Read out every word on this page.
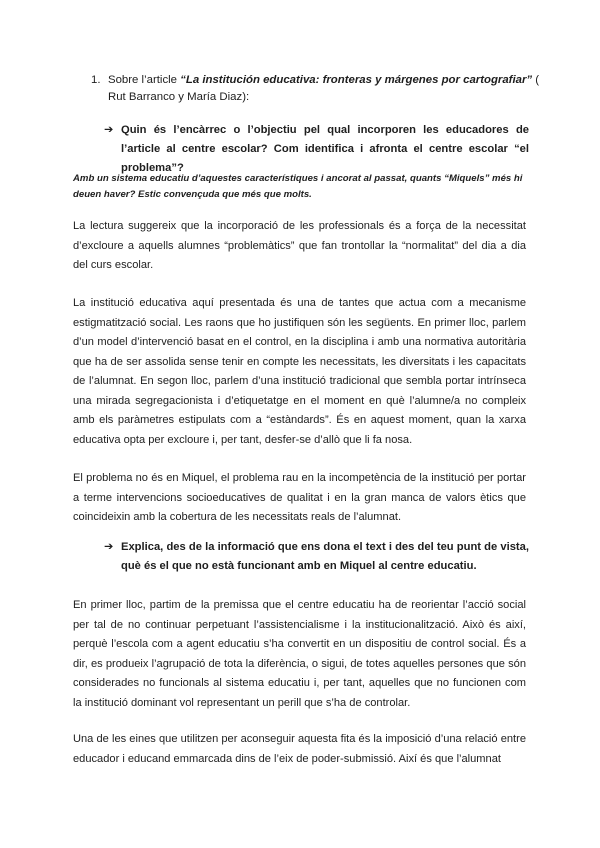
1. Sobre l’article “La institución educativa: fronteras y márgenes por cartografiar” ( Rut Barranco y María Diaz):
➔ Quin és l’encàrrec o l’objectiu pel qual incorporen les educadores de l’article al centre escolar? Com identifica i afronta el centre escolar “el problema”?
Amb un sistema educatiu d’aquestes característiques i ancorat al passat, quants “Miquels” més hi deuen haver? Estic convençuda que més que molts.

La lectura suggereix que la incorporació de les professionals és a força de la necessitat d’excloure a aquells alumnes “problemàtics” que fan trontollar la “normalitat” del dia a dia del curs escolar.

La institució educativa aquí presentada és una de tantes que actua com a mecanisme estigmatització social. Les raons que ho justifiquen són les següents. En primer lloc, parlem d’un model d’intervenció basat en el control, en la disciplina i amb una normativa autoritària que ha de ser assolida sense tenir en compte les necessitats, les diversitats i les capacitats de l’alumnat. En segon lloc, parlem d’una institució tradicional que sembla portar intrínseca una mirada segregacionista i d’etiquetatge en el moment en què l’alumne/a no compleix amb els paràmetres estipulats com a “estàndards”. És en aquest moment, quan la xarxa educativa opta per excloure i, per tant, desfer-se d’allò que li fa nosa.

El problema no és en Miquel, el problema rau en la incompetència de la institució per portar a terme intervencions socioeducatives de qualitat i en la gran manca de valors ètics que coincideixin amb la cobertura de les necessitats reals de l’alumnat.

➔ Explica, des de la informació que ens dona el text i des del teu punt de vista, què és el que no està funcionant amb en Miquel al centre educatiu.

En primer lloc, partim de la premissa que el centre educatiu ha de reorientar l’acció social per tal de no continuar perpetuant l’assistencialisme i la institucionalització. Això és així, perquè l’escola com a agent educatiu s’ha convertit en un dispositiu de control social. És a dir, es produeix l’agrupació de tota la diferència, o sigui, de totes aquelles persones que són considerades no funcionals al sistema educatiu i, per tant, aquelles que no funcionen com la institució dominant vol representant un perill que s’ha de controlar.

Una de les eines que utilitzen per aconseguir aquesta fita és la imposició d’una relació entre educador i educand emmarcada dins de l’eix de poder-submissió. Així és que l’alumnat
